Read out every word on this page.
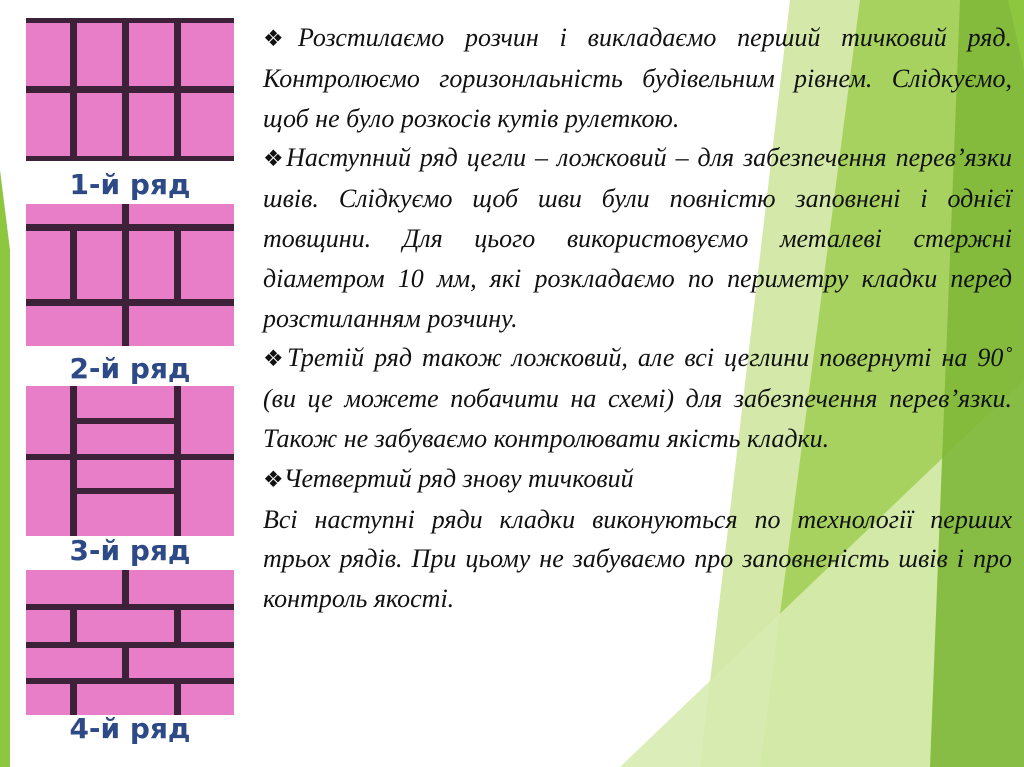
1-й ряд
2-й ряд
3-й ряд
4-й ряд

❖Розстилаємо розчин і викладаємо перший тичковий ряд. Контролюємо горизонлаьність будівельним рівнем. Слідкуємо, щоб не було розкосів кутів рулеткою.

❖Наступний ряд цегли – ложковий – для забезпечення перев’язки швів. Слідкуємо щоб шви були повністю заповнені і однієї товщини. Для цього використовуємо металеві стержні діаметром 10 мм, які розкладаємо по периметру кладки перед розстиланням розчину.

❖Третій ряд також ложковий, але всі цеглини повернуті на 90˚ (ви це можете побачити на схемі) для забезпечення перев’язки. Також не забуваємо контролювати якість кладки.

❖Четвертий ряд знову тичковий

Всі наступні ряди кладки виконуються по технології перших трьох рядів. При цьому не забуваємо про заповненість швів і про контроль якості.
